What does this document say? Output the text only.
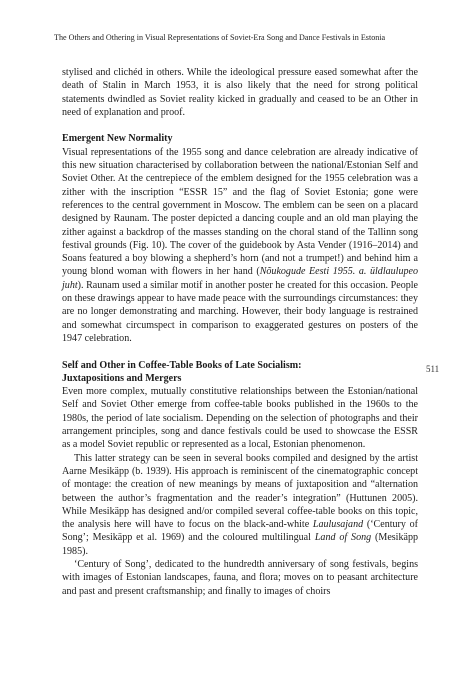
The Others and Othering in Visual Representations of Soviet-Era Song and Dance Festivals in Estonia

stylised and clichéd in others. While the ideological pressure eased somewhat after the death of Stalin in March 1953, it is also likely that the need for strong political statements dwindled as Soviet reality kicked in gradually and ceased to be an Other in need of explanation and proof.

Emergent New Normality

Visual representations of the 1955 song and dance celebration are already indicative of this new situation characterised by collaboration between the national/Estonian Self and Soviet Other. At the centrepiece of the emblem designed for the 1955 celebration was a zither with the inscription “ESSR 15” and the flag of Soviet Estonia; gone were references to the central government in Moscow. The emblem can be seen on a placard designed by Raunam. The poster depicted a dancing couple and an old man playing the zither against a backdrop of the masses standing on the choral stand of the Tallinn song festival grounds (Fig. 10). The cover of the guidebook by Asta Vender (1916–2014) and Soans featured a boy blowing a shepherd’s horn (and not a trumpet!) and behind him a young blond woman with flowers in her hand (Nõukogude Eesti 1955. a. üldlaulupeo juht). Raunam used a similar motif in another poster he created for this occasion. People on these drawings appear to have made peace with the surroundings circumstances: they are no longer demonstrating and marching. However, their body language is restrained and somewhat circumspect in comparison to exaggerated gestures on posters of the 1947 celebration.

Self and Other in Coffee-Table Books of Late Socialism:
Juxtapositions and Mergers

Even more complex, mutually constitutive relationships between the Estonian/national Self and Soviet Other emerge from coffee-table books published in the 1960s to the 1980s, the period of late socialism. Depending on the selection of photographs and their arrangement principles, song and dance festivals could be used to showcase the ESSR as a model Soviet republic or represented as a local, Estonian phenomenon.

This latter strategy can be seen in several books compiled and designed by the artist Aarne Mesikäpp (b. 1939). His approach is reminiscent of the cinematographic concept of montage: the creation of new meanings by means of juxtaposition and “alternation between the author’s fragmentation and the reader’s integration” (Huttunen 2005). While Mesikäpp has designed and/or compiled several coffee-table books on this topic, the analysis here will have to focus on the black-and-white Laulusajand (‘Century of Song’; Mesikäpp et al. 1969) and the coloured multilingual Land of Song (Mesikäpp 1985).

‘Century of Song’, dedicated to the hundredth anniversary of song festivals, begins with images of Estonian landscapes, fauna, and flora; moves on to peasant architecture and past and present craftsmanship; and finally to images of choirs

511
